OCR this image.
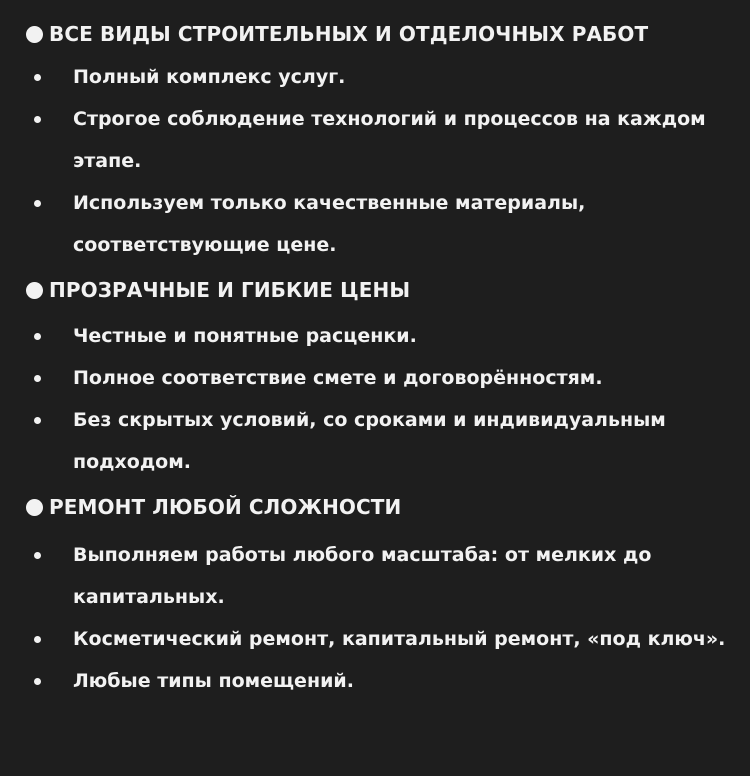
ВСЕ ВИДЫ СТРОИТЕЛЬНЫХ И ОТДЕЛОЧНЫХ РАБОТ
Полный комплекс услуг.
Строгое соблюдение технологий и процессов на каждом этапе.
Используем только качественные материалы, соответствующие цене.
ПРОЗРАЧНЫЕ И ГИБКИЕ ЦЕНЫ
Честные и понятные расценки.
Полное соответствие смете и договорённостям.
Без скрытых условий, со сроками и индивидуальным подходом.
РЕМОНТ ЛЮБОЙ СЛОЖНОСТИ
Выполняем работы любого масштаба: от мелких до капитальных.
Косметический ремонт, капитальный ремонт, «под ключ».
Любые типы помещений.
